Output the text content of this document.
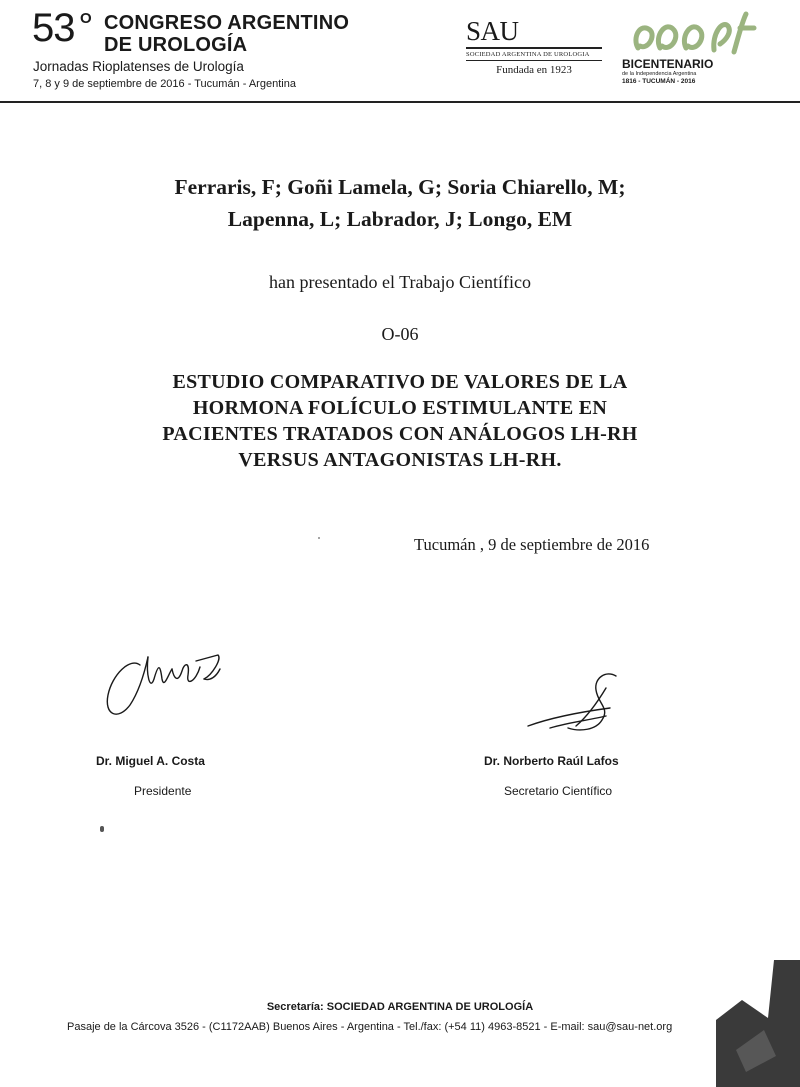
53 O CONGRESO ARGENTINO
DE UROLOGÍA
Jornadas Rioplatenses de Urología
7, 8 y 9 de septiembre de 2016 - Tucumán - Argentina
SAU
SOCIEDAD ARGENTINA DE UROLOGIA
Fundada en 1923	BICENTENARIO
de la Independencia Argentina
1816 - TUCUMÁN - 2016
Ferraris, F; Goñi Lamela, G; Soria Chiarello, M;
Lapenna, L; Labrador, J; Longo, EM
han presentado el Trabajo Científico
O-06
ESTUDIO COMPARATIVO DE VALORES DE LA
HORMONA FOLÍCULO ESTIMULANTE EN
PACIENTES TRATADOS CON ANÁLOGOS LH-RH
VERSUS ANTAGONISTAS LH-RH.
Tucumán , 9 de septiembre de 2016
Dr. Miguel A. Costa
Presidente
Dr. Norberto Raúl Lafos
Secretario Científico
Secretaría: SOCIEDAD ARGENTINA DE UROLOGÍA
Pasaje de la Cárcova 3526 - (C1172AAB) Buenos Aires - Argentina - Tel./fax: (+54 11) 4963-8521 - E-mail: sau@sau-net.org
